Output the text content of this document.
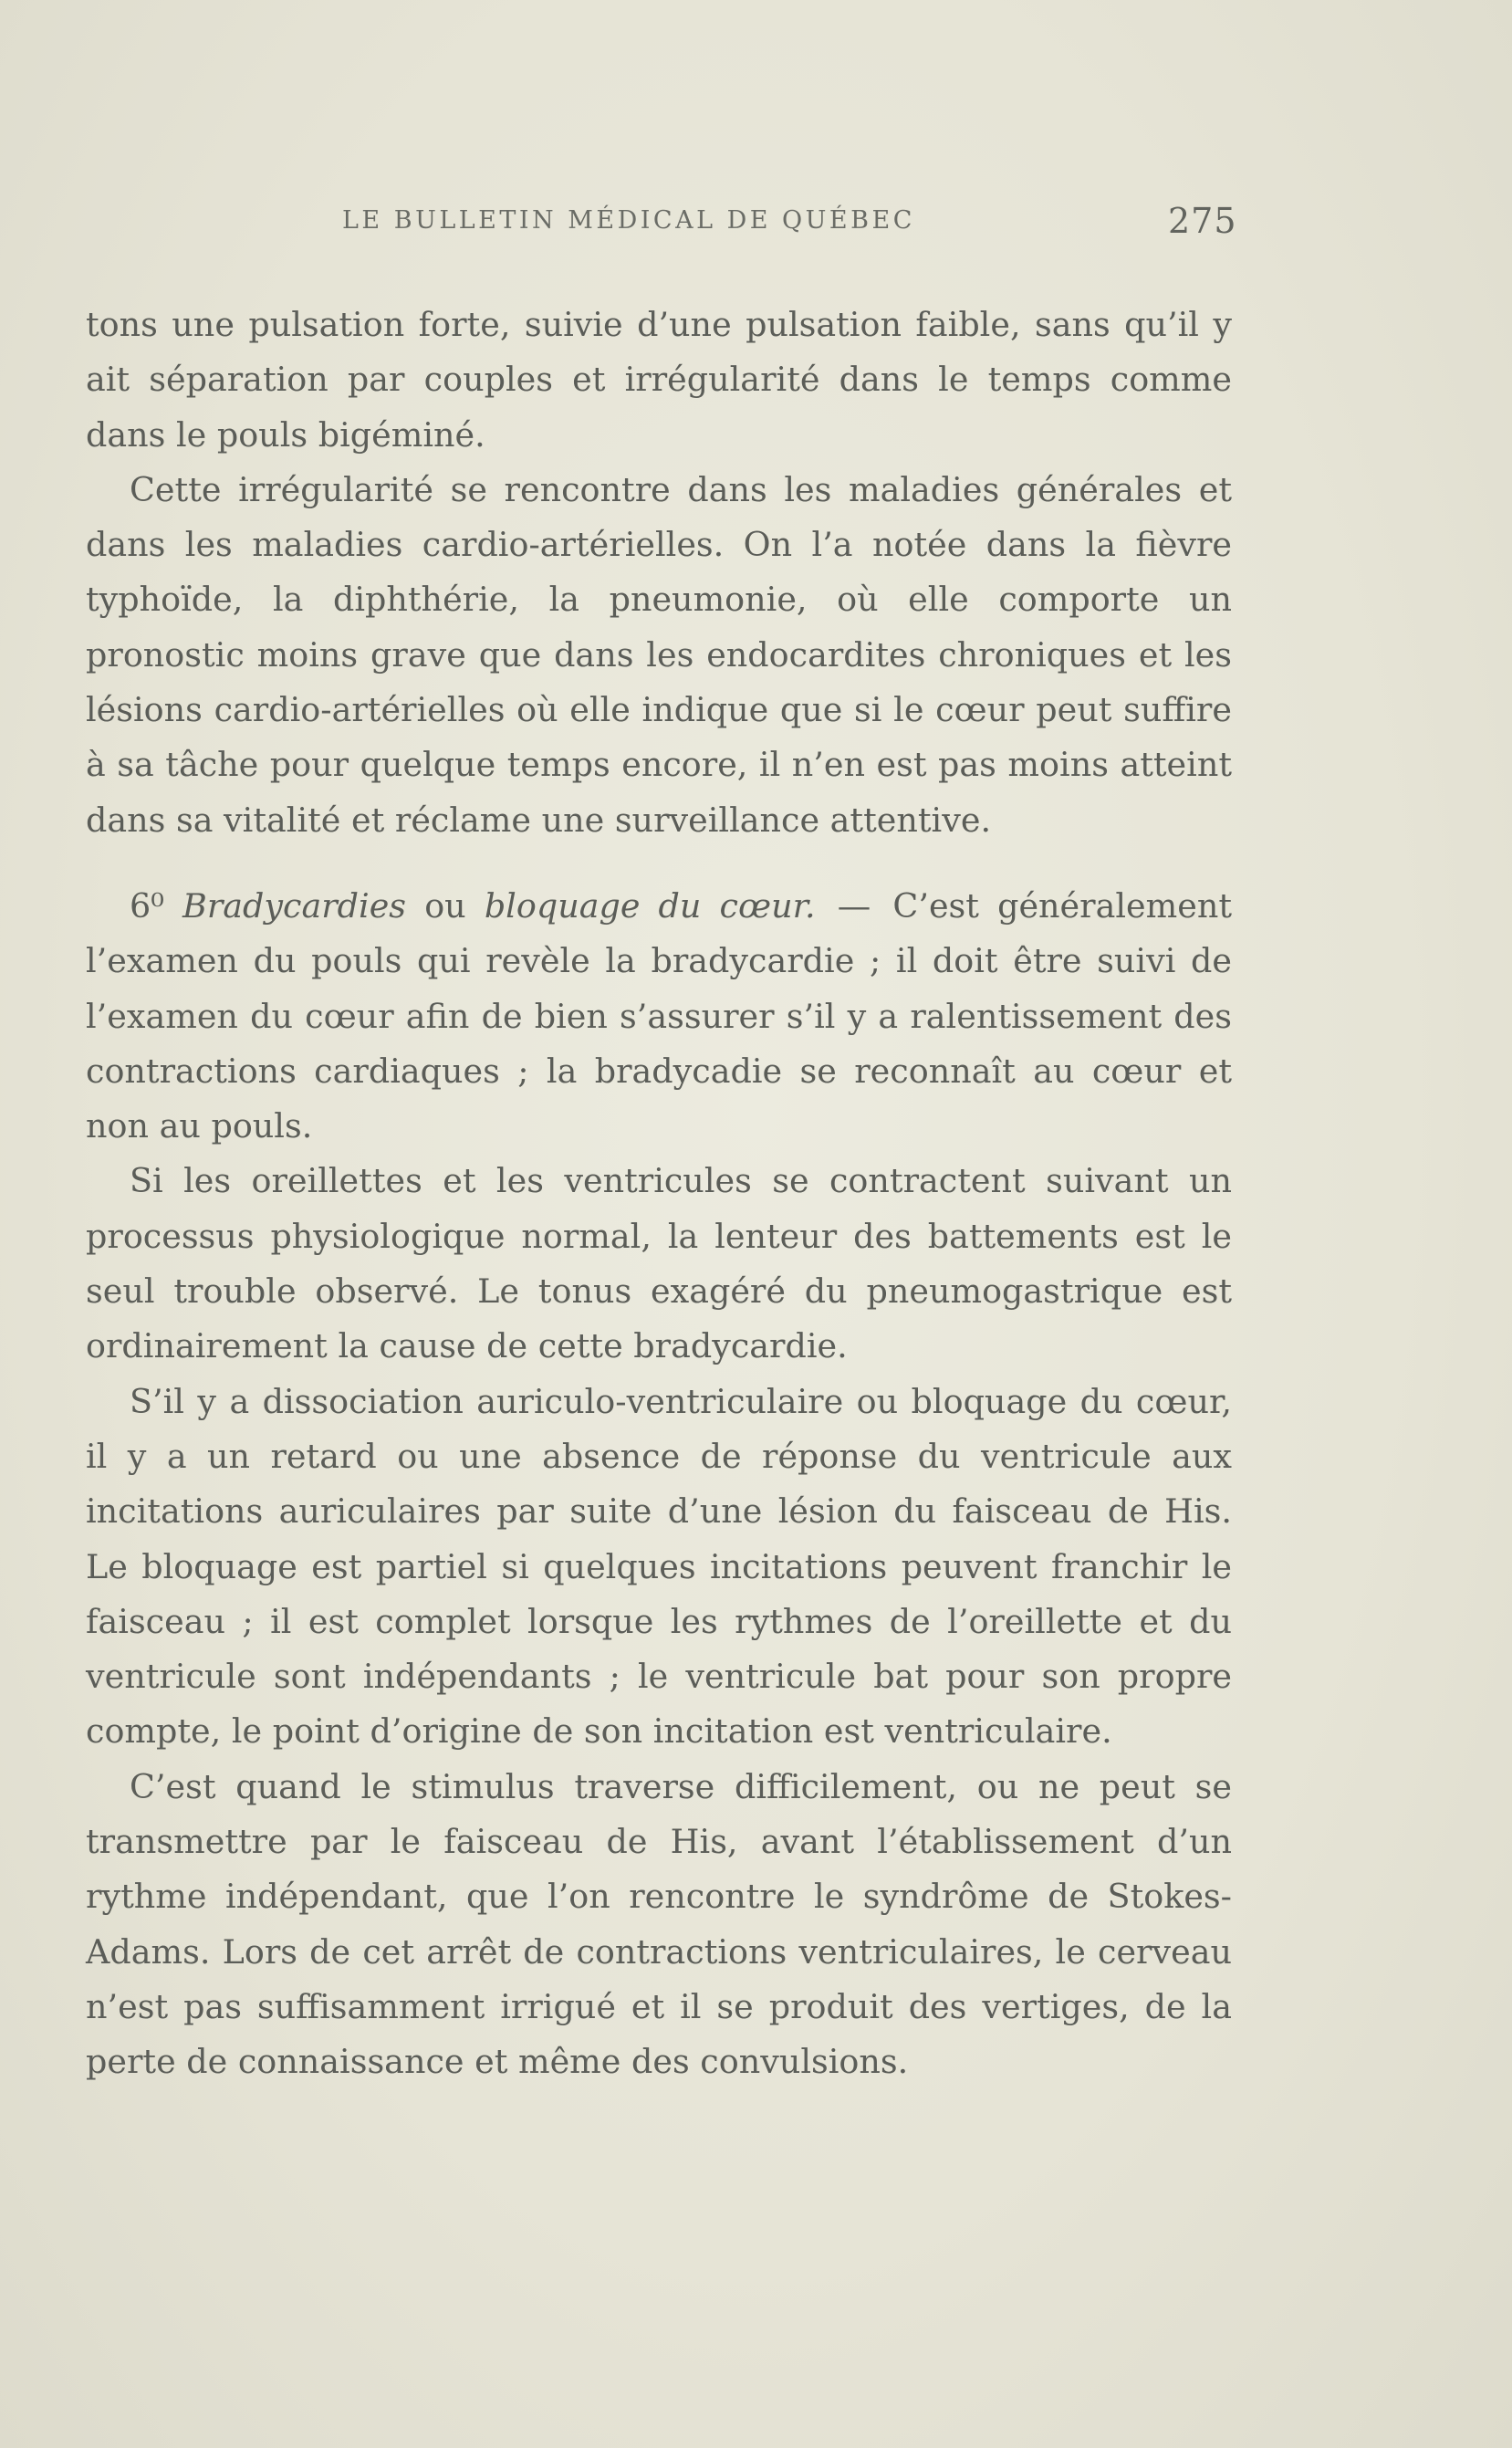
LE BULLETIN MÉDICAL DE QUÉBEC	275

tons une pulsation forte, suivie d’une pulsation faible, sans qu’il y ait séparation par couples et irrégularité dans le temps comme dans le pouls bigéminé.

Cette irrégularité se rencontre dans les maladies générales et dans les maladies cardio-artérielles. On l’a notée dans la fièvre typhoïde, la diphthérie, la pneumonie, où elle comporte un pronostic moins grave que dans les endocardites chroniques et les lésions cardio-artérielles où elle indique que si le cœur peut suffire à sa tâche pour quelque temps encore, il n’en est pas moins atteint dans sa vitalité et réclame une surveillance attentive.

6⁰ Bradycardies ou bloquage du cœur. — C’est généralement l’examen du pouls qui revèle la bradycardie ; il doit être suivi de l’examen du cœur afin de bien s’assurer s’il y a ralentissement des contractions cardiaques ; la bradycadie se reconnaît au cœur et non au pouls.

Si les oreillettes et les ventricules se contractent suivant un processus physiologique normal, la lenteur des battements est le seul trouble observé. Le tonus exagéré du pneumogastrique est ordinairement la cause de cette bradycardie.

S’il y a dissociation auriculo-ventriculaire ou bloquage du cœur, il y a un retard ou une absence de réponse du ventricule aux incitations auriculaires par suite d’une lésion du faisceau de His. Le bloquage est partiel si quelques incitations peuvent franchir le faisceau ; il est complet lorsque les rythmes de l’oreillette et du ventricule sont indépendants ; le ventricule bat pour son propre compte, le point d’origine de son incitation est ventriculaire.

C’est quand le stimulus traverse difficilement, ou ne peut se transmettre par le faisceau de His, avant l’établissement d’un rythme indépendant, que l’on rencontre le syndrôme de Stokes-Adams. Lors de cet arrêt de contractions ventriculaires, le cerveau n’est pas suffisamment irrigué et il se produit des vertiges, de la perte de connaissance et même des convulsions.
